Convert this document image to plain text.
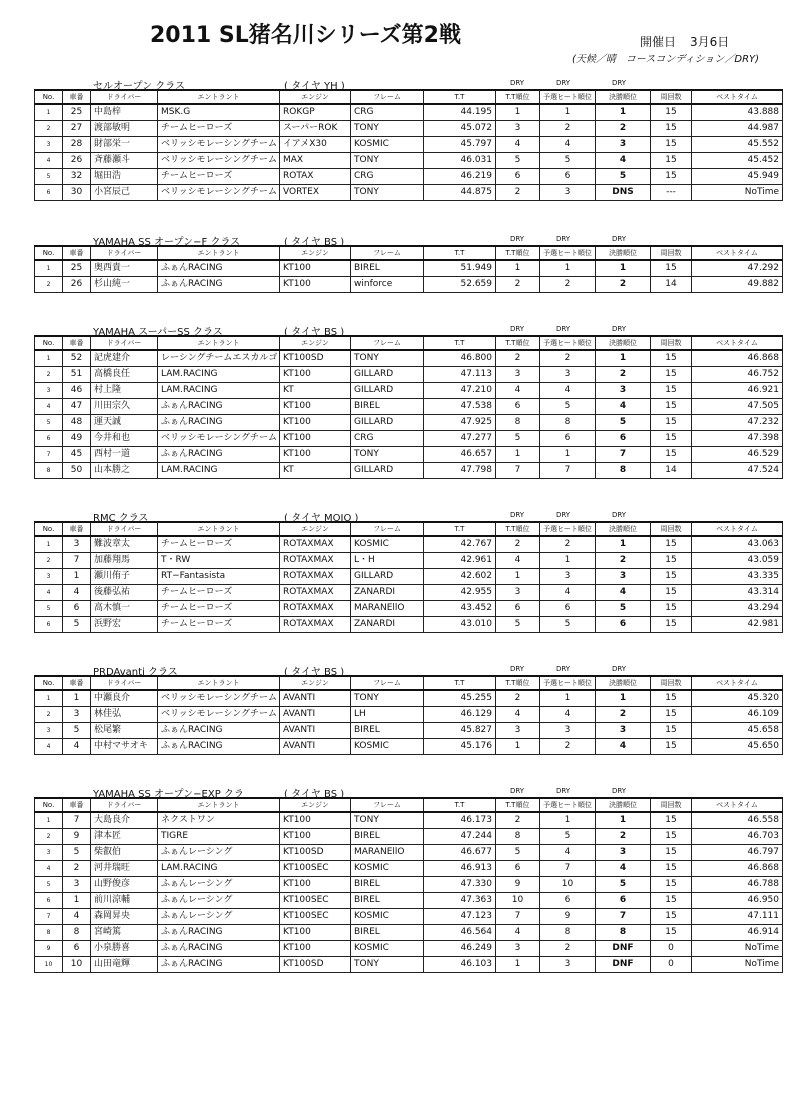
2011 SL猪名川シリーズ第2戦	開催日 3月6日
(天候／晴　コースコンディション／DRY)
セルオープン クラス	( タイヤ YH )	DRY	DRY	DRY
No.	車番	ドライバー	エントラント	エンジン	フレーム	T.T	T.T順位	予選ヒート順位	決勝順位	周回数	ベストタイム
1	25	中島梓	MSK.G	ROKGP	CRG	44.195	1	1	1	15	43.888
2	27	渡部敏明	チームヒーローズ	スーパーROK	TONY	45.072	3	2	2	15	44.987
3	28	財部栄一	ベリッシモレーシングチーム	イアメX30	KOSMIC	45.797	4	4	3	15	45.552
4	26	斉藤瀬斗	ベリッシモレーシングチーム	MAX	TONY	46.031	5	5	4	15	45.452
5	32	堀田浩	チームヒーローズ	ROTAX	CRG	46.219	6	6	5	15	45.949
6	30	小宮辰己	ベリッシモレーシングチーム	VORTEX	TONY	44.875	2	3	DNS	---	NoTime
YAMAHA SS オープン−F クラス	( タイヤ BS )	DRY	DRY	DRY
No.	車番	ドライバー	エントラント	エンジン	フレーム	T.T	T.T順位	予選ヒート順位	決勝順位	周回数	ベストタイム
1	25	奥西貴一	ふぁんRACING	KT100	BIREL	51.949	1	1	1	15	47.292
2	26	杉山純一	ふぁんRACING	KT100	winforce	52.659	2	2	2	14	49.882
YAMAHA スーパーSS クラス	( タイヤ BS )	DRY	DRY	DRY
No.	車番	ドライバー	エントラント	エンジン	フレーム	T.T	T.T順位	予選ヒート順位	決勝順位	周回数	ベストタイム
1	52	記虎建介	レーシングチームエスカルゴ	KT100SD	TONY	46.800	2	2	1	15	46.868
2	51	高橋良任	LAM.RACING	KT100	GILLARD	47.113	3	3	2	15	46.752
3	46	村上隆	LAM.RACING	KT	GILLARD	47.210	4	4	3	15	46.921
4	47	川田宗久	ふぁんRACING	KT100	BIREL	47.538	6	5	4	15	47.505
5	48	運天誠	ふぁんRACING	KT100	GILLARD	47.925	8	8	5	15	47.232
6	49	今井和也	ベリッシモレーシングチーム	KT100	CRG	47.277	5	6	6	15	47.398
7	45	西村一道	ふぁんRACING	KT100	TONY	46.657	1	1	7	15	46.529
8	50	山本勝之	LAM.RACING	KT	GILLARD	47.798	7	7	8	14	47.524
RMC クラス	( タイヤ MOJO )	DRY	DRY	DRY
No.	車番	ドライバー	エントラント	エンジン	フレーム	T.T	T.T順位	予選ヒート順位	決勝順位	周回数	ベストタイム
1	3	難波章太	チームヒーローズ	ROTAXMAX	KOSMIC	42.767	2	2	1	15	43.063
2	7	加藤翔馬	T・RW	ROTAXMAX	L・H	42.961	4	1	2	15	43.059
3	1	瀬川侑子	RT−Fantasista	ROTAXMAX	GILLARD	42.602	1	3	3	15	43.335
4	4	後藤弘祐	チームヒーローズ	ROTAXMAX	ZANARDI	42.955	3	4	4	15	43.314
5	6	高木慎一	チームヒーローズ	ROTAXMAX	MARANEllO	43.452	6	6	5	15	43.294
6	5	浜野宏	チームヒーローズ	ROTAXMAX	ZANARDI	43.010	5	5	6	15	42.981
PRDAvanti クラス	( タイヤ BS )	DRY	DRY	DRY
No.	車番	ドライバー	エントラント	エンジン	フレーム	T.T	T.T順位	予選ヒート順位	決勝順位	周回数	ベストタイム
1	1	中瀬良介	ベリッシモレーシングチーム	AVANTI	TONY	45.255	2	1	1	15	45.320
2	3	林佳弘	ベリッシモレーシングチーム	AVANTI	LH	46.129	4	4	2	15	46.109
3	5	松尾繁	ふぁんRACING	AVANTI	BIREL	45.827	3	3	3	15	45.658
4	4	中村マサオキ	ふぁんRACING	AVANTI	KOSMIC	45.176	1	2	4	15	45.650
YAMAHA SS オープン−EXP クラ	( タイヤ BS )	DRY	DRY	DRY
No.	車番	ドライバー	エントラント	エンジン	フレーム	T.T	T.T順位	予選ヒート順位	決勝順位	周回数	ベストタイム
1	7	大島良介	ネクストワン	KT100	TONY	46.173	2	1	1	15	46.558
2	9	津本匠	TIGRE	KT100	BIREL	47.244	8	5	2	15	46.703
3	5	柴叡伯	ふぁんレーシング	KT100SD	MARANEllO	46.677	5	4	3	15	46.797
4	2	河井瑞旺	LAM.RACING	KT100SEC	KOSMIC	46.913	6	7	4	15	46.868
5	3	山野俊彦	ふぁんレーシング	KT100	BIREL	47.330	9	10	5	15	46.788
6	1	前川涼輔	ふぁんレーシング	KT100SEC	BIREL	47.363	10	6	6	15	46.950
7	4	森岡昇央	ふぁんレーシング	KT100SEC	KOSMIC	47.123	7	9	7	15	47.111
8	8	宮崎篤	ふぁんRACING	KT100	BIREL	46.564	4	8	8	15	46.914
9	6	小泉勝喜	ふぁんRACING	KT100	KOSMIC	46.249	3	2	DNF	0	NoTime
10	10	山田竜輝	ふぁんRACING	KT100SD	TONY	46.103	1	3	DNF	0	NoTime
